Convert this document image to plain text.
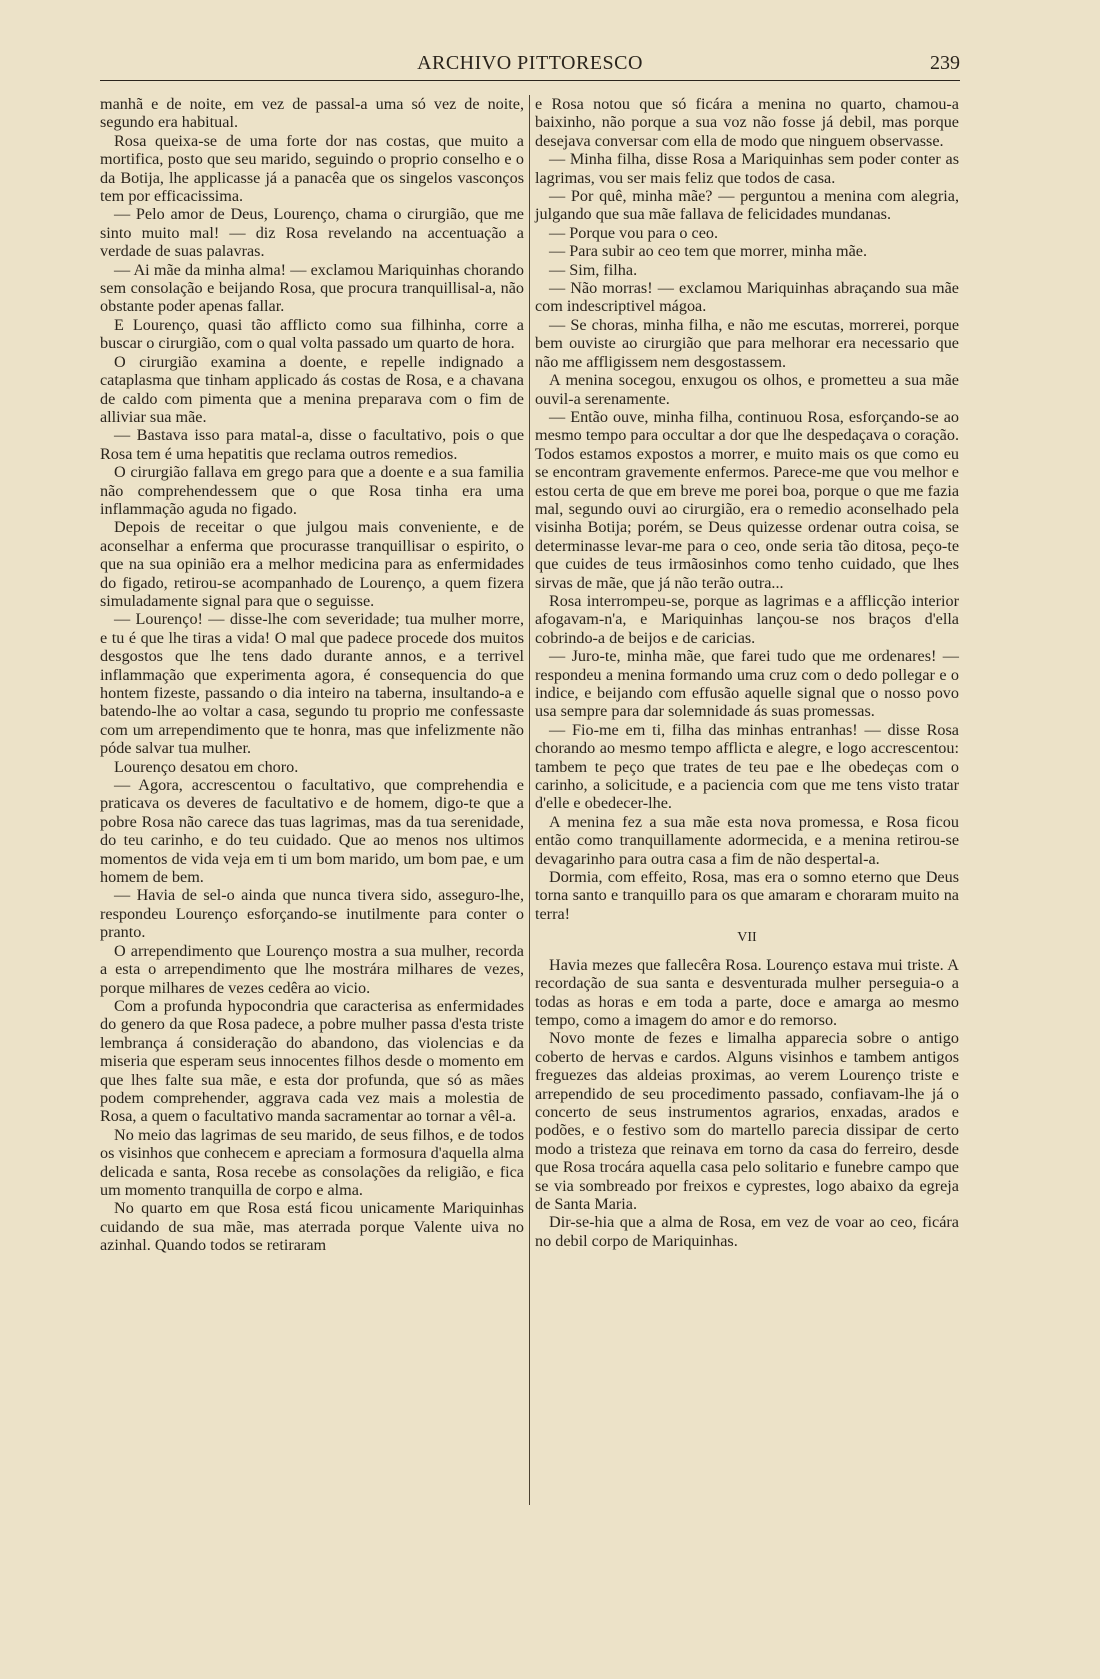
ARCHIVO PITTORESCO	239

manhã e de noite, em vez de passal-a uma só vez de noite, segundo era habitual.

Rosa queixa-se de uma forte dor nas costas, que muito a mortifica, posto que seu marido, seguindo o proprio conselho e o da Botija, lhe applicasse já a panacêa que os singelos vasconços tem por efficacissima.

— Pelo amor de Deus, Lourenço, chama o cirurgião, que me sinto muito mal! — diz Rosa revelando na accentuação a verdade de suas palavras.

— Ai mãe da minha alma! — exclamou Mariquinhas chorando sem consolação e beijando Rosa, que procura tranquillisal-a, não obstante poder apenas fallar.

E Lourenço, quasi tão afflicto como sua filhinha, corre a buscar o cirurgião, com o qual volta passado um quarto de hora.

O cirurgião examina a doente, e repelle indignado a cataplasma que tinham applicado ás costas de Rosa, e a chavana de caldo com pimenta que a menina preparava com o fim de alliviar sua mãe.

— Bastava isso para matal-a, disse o facultativo, pois o que Rosa tem é uma hepatitis que reclama outros remedios.

O cirurgião fallava em grego para que a doente e a sua familia não comprehendessem que o que Rosa tinha era uma inflammação aguda no figado.

Depois de receitar o que julgou mais conveniente, e de aconselhar a enferma que procurasse tranquillisar o espirito, o que na sua opinião era a melhor medicina para as enfermidades do figado, retirou-se acompanhado de Lourenço, a quem fizera simuladamente signal para que o seguisse.

— Lourenço! — disse-lhe com severidade; tua mulher morre, e tu é que lhe tiras a vida! O mal que padece procede dos muitos desgostos que lhe tens dado durante annos, e a terrivel inflammação que experimenta agora, é consequencia do que hontem fizeste, passando o dia inteiro na taberna, insultando-a e batendo-lhe ao voltar a casa, segundo tu proprio me confessaste com um arrependimento que te honra, mas que infelizmente não póde salvar tua mulher.

Lourenço desatou em choro.

— Agora, accrescentou o facultativo, que comprehendia e praticava os deveres de facultativo e de homem, digo-te que a pobre Rosa não carece das tuas lagrimas, mas da tua serenidade, do teu carinho, e do teu cuidado. Que ao menos nos ultimos momentos de vida veja em ti um bom marido, um bom pae, e um homem de bem.

— Havia de sel-o ainda que nunca tivera sido, asseguro-lhe, respondeu Lourenço esforçando-se inutilmente para conter o pranto.

O arrependimento que Lourenço mostra a sua mulher, recorda a esta o arrependimento que lhe mostrára milhares de vezes, porque milhares de vezes cedêra ao vicio.

Com a profunda hypocondria que caracterisa as enfermidades do genero da que Rosa padece, a pobre mulher passa d'esta triste lembrança á consideração do abandono, das violencias e da miseria que esperam seus innocentes filhos desde o momento em que lhes falte sua mãe, e esta dor profunda, que só as mães podem comprehender, aggrava cada vez mais a molestia de Rosa, a quem o facultativo manda sacramentar ao tornar a vêl-a.

No meio das lagrimas de seu marido, de seus filhos, e de todos os visinhos que conhecem e apreciam a formosura d'aquella alma delicada e santa, Rosa recebe as consolações da religião, e fica um momento tranquilla de corpo e alma.

No quarto em que Rosa está ficou unicamente Mariquinhas cuidando de sua mãe, mas aterrada porque Valente uiva no azinhal. Quando todos se retiraram

e Rosa notou que só ficára a menina no quarto, chamou-a baixinho, não porque a sua voz não fosse já debil, mas porque desejava conversar com ella de modo que ninguem observasse.

— Minha filha, disse Rosa a Mariquinhas sem poder conter as lagrimas, vou ser mais feliz que todos de casa.

— Por quê, minha mãe? — perguntou a menina com alegria, julgando que sua mãe fallava de felicidades mundanas.

— Porque vou para o ceo.

— Para subir ao ceo tem que morrer, minha mãe.

— Sim, filha.

— Não morras! — exclamou Mariquinhas abraçando sua mãe com indescriptivel mágoa.

— Se choras, minha filha, e não me escutas, morrerei, porque bem ouviste ao cirurgião que para melhorar era necessario que não me affligissem nem desgostassem.

A menina socegou, enxugou os olhos, e prometteu a sua mãe ouvil-a serenamente.

— Então ouve, minha filha, continuou Rosa, esforçando-se ao mesmo tempo para occultar a dor que lhe despedaçava o coração. Todos estamos expostos a morrer, e muito mais os que como eu se encontram gravemente enfermos. Parece-me que vou melhor e estou certa de que em breve me porei boa, porque o que me fazia mal, segundo ouvi ao cirurgião, era o remedio aconselhado pela visinha Botija; porém, se Deus quizesse ordenar outra coisa, se determinasse levar-me para o ceo, onde seria tão ditosa, peço-te que cuides de teus irmãosinhos como tenho cuidado, que lhes sirvas de mãe, que já não terão outra...

Rosa interrompeu-se, porque as lagrimas e a afflicção interior afogavam-n'a, e Mariquinhas lançou-se nos braços d'ella cobrindo-a de beijos e de caricias.

— Juro-te, minha mãe, que farei tudo que me ordenares! — respondeu a menina formando uma cruz com o dedo pollegar e o indice, e beijando com effusão aquelle signal que o nosso povo usa sempre para dar solemnidade ás suas promessas.

— Fio-me em ti, filha das minhas entranhas! — disse Rosa chorando ao mesmo tempo afflicta e alegre, e logo accrescentou: tambem te peço que trates de teu pae e lhe obedeças com o carinho, a solicitude, e a paciencia com que me tens visto tratar d'elle e obedecer-lhe.

A menina fez a sua mãe esta nova promessa, e Rosa ficou então como tranquillamente adormecida, e a menina retirou-se devagarinho para outra casa a fim de não despertal-a.

Dormia, com effeito, Rosa, mas era o somno eterno que Deus torna santo e tranquillo para os que amaram e choraram muito na terra!

VII

Havia mezes que fallecêra Rosa. Lourenço estava mui triste. A recordação de sua santa e desventurada mulher perseguia-o a todas as horas e em toda a parte, doce e amarga ao mesmo tempo, como a imagem do amor e do remorso.

Novo monte de fezes e limalha apparecia sobre o antigo coberto de hervas e cardos. Alguns visinhos e tambem antigos freguezes das aldeias proximas, ao verem Lourenço triste e arrependido de seu procedimento passado, confiavam-lhe já o concerto de seus instrumentos agrarios, enxadas, arados e podões, e o festivo som do martello parecia dissipar de certo modo a tristeza que reinava em torno da casa do ferreiro, desde que Rosa trocára aquella casa pelo solitario e funebre campo que se via sombreado por freixos e cyprestes, logo abaixo da egreja de Santa Maria.

Dir-se-hia que a alma de Rosa, em vez de voar ao ceo, ficára no debil corpo de Mariquinhas.
